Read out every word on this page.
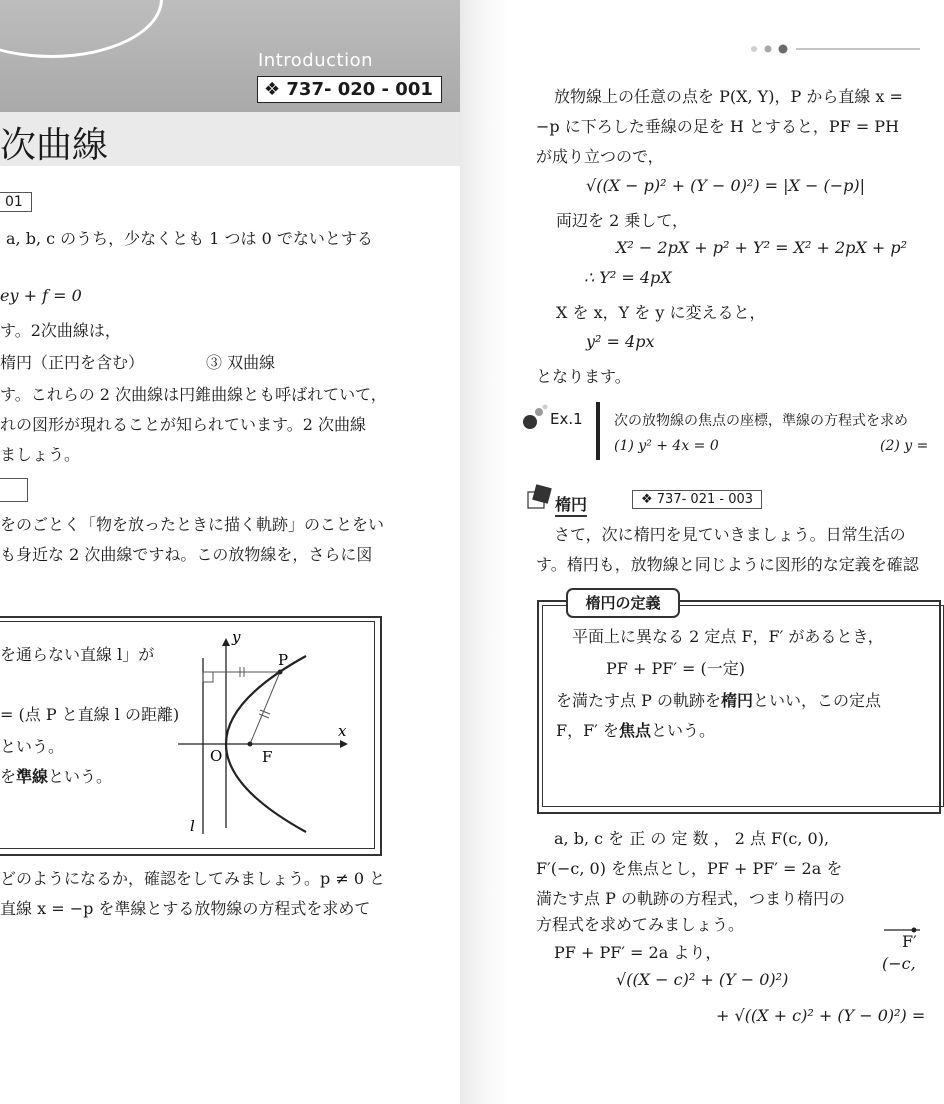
Introduction
❖ 737- 020 - 001
次曲線
01
a, b, c のうち，少なくとも 1 つは 0 でないとする
ey + f = 0
す。2次曲線は，
楕円（正円を含む）	③ 双曲線
す。これらの 2 次曲線は円錐曲線とも呼ばれていて，
れの図形が現れることが知られています。2 次曲線
ましょう。
をのごとく「物を放ったときに描く軌跡」のことをい
も身近な 2 次曲線ですね。この放物線を，さらに図
を通らない直線 l」が
= (点 P と直線 l の距離)
という。
を準線という。
y
x
P
O	F
l
どのようになるか，確認をしてみましょう。p ≠ 0 と
直線 x = −p を準線とする放物線の方程式を求めて
放物線上の任意の点を P(X, Y)，P から直線 x =
−p に下ろした垂線の足を H とすると，PF = PH
が成り立つので，
√((X − p)² + (Y − 0)²) = |X − (−p)|
両辺を 2 乗して，
X² − 2pX + p² + Y² = X² + 2pX + p²
∴ Y² = 4pX
X を x，Y を y に変えると，
y² = 4px
となります。
Ex.1 次の放物線の焦点の座標，準線の方程式を求め
(1) y² + 4x = 0	(2) y =
楕円	❖ 737- 021 - 003
さて，次に楕円を見ていきましょう。日常生活の
す。楕円も，放物線と同じように図形的な定義を確認
楕円の定義
平面上に異なる 2 定点 F，F′ があるとき，
PF + PF′ = (一定)
を満たす点 P の軌跡を楕円といい，この定点
F，F′ を焦点という。
a, b, c を 正 の 定 数 ， 2 点 F(c, 0),
F′(−c, 0) を焦点とし，PF + PF′ = 2a を
満たす点 P の軌跡の方程式，つまり楕円の
方程式を求めてみましょう。
PF + PF′ = 2a より，
√((X − c)² + (Y − 0)²)
+ √((X + c)² + (Y − 0)²) =
F′
(−c,
